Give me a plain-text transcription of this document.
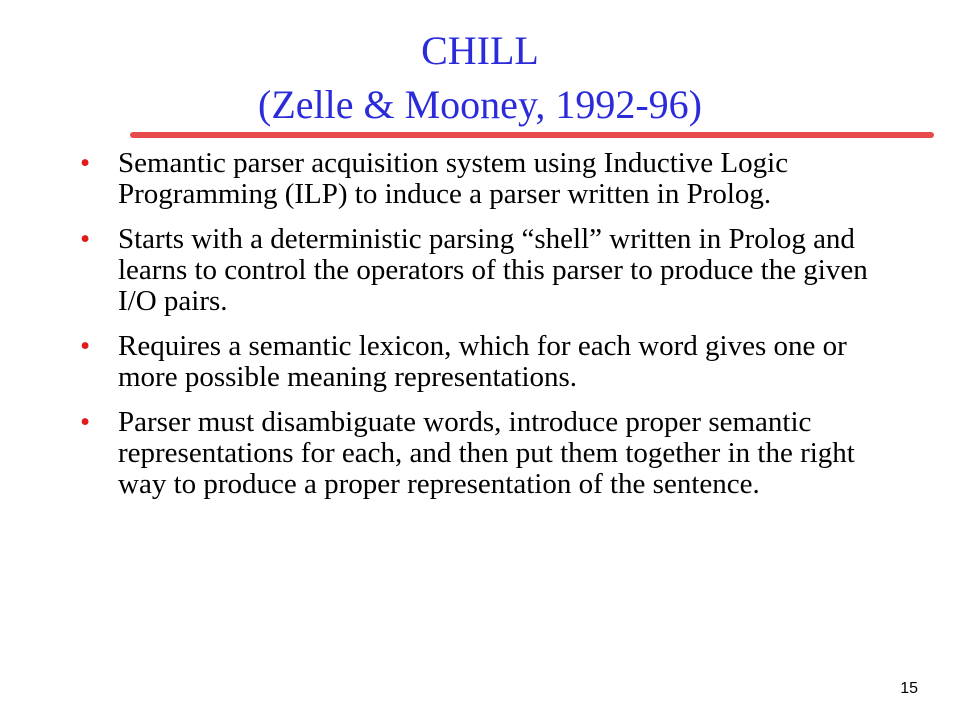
CHILL
(Zelle & Mooney, 1992-96)
• Semantic parser acquisition system using Inductive Logic Programming (ILP) to induce a parser written in Prolog.
• Starts with a deterministic parsing “shell” written in Prolog and learns to control the operators of this parser to produce the given I/O pairs.
• Requires a semantic lexicon, which for each word gives one or more possible meaning representations.
• Parser must disambiguate words, introduce proper semantic representations for each, and then put them together in the right way to produce a proper representation of the sentence.
15
